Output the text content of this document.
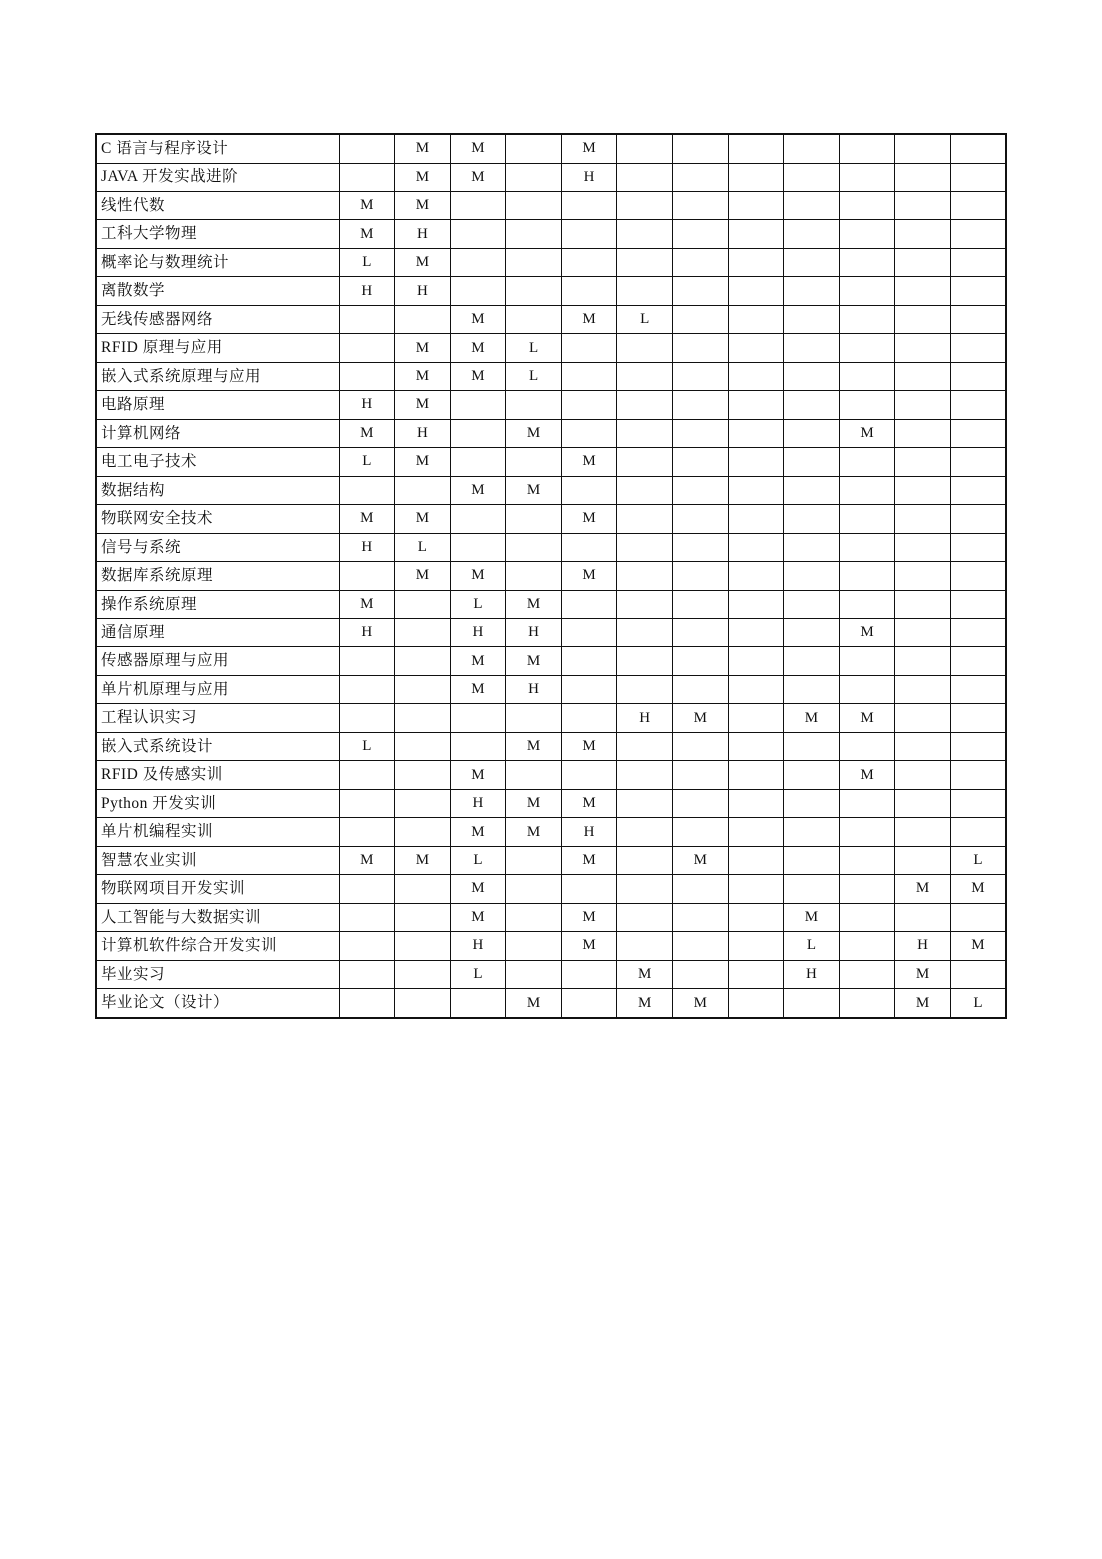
C 语言与程序设计		M	M		M							
JAVA 开发实战进阶		M	M		H							
线性代数	M	M										
工科大学物理	M	H										
概率论与数理统计	L	M										
离散数学	H	H										
无线传感器网络			M		M	L						
RFID 原理与应用		M	M	L								
嵌入式系统原理与应用		M	M	L								
电路原理	H	M										
计算机网络	M	H		M						M		
电工电子技术	L	M			M							
数据结构			M	M								
物联网安全技术	M	M			M							
信号与系统	H	L										
数据库系统原理		M	M		M							
操作系统原理	M		L	M								
通信原理	H		H	H						M		
传感器原理与应用			M	M								
单片机原理与应用			M	H								
工程认识实习						H	M		M	M		
嵌入式系统设计	L			M	M							
RFID 及传感实训			M							M		
Python 开发实训			H	M	M							
单片机编程实训			M	M	H							
智慧农业实训	M	M	L		M		M					L
物联网项目开发实训			M								M	M
人工智能与大数据实训			M		M				M			
计算机软件综合开发实训			H		M				L		H	M
毕业实习			L			M			H		M	
毕业论文（设计）				M		M	M				M	L
